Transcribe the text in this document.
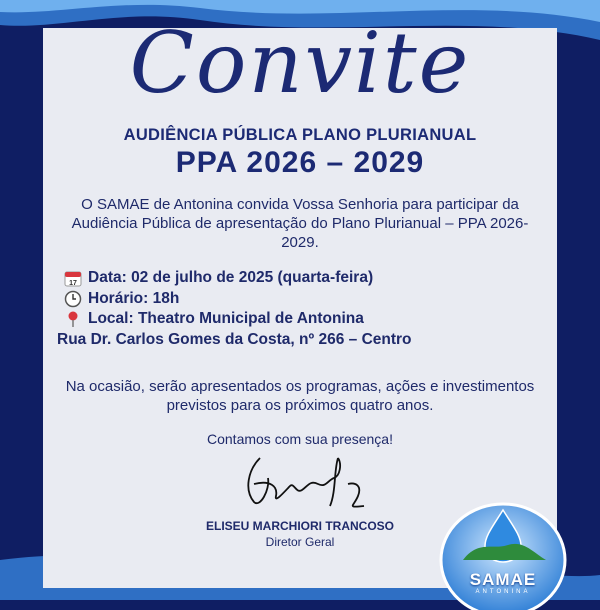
Convite
AUDIÊNCIA PÚBLICA PLANO PLURIANUAL
PPA 2026 – 2029
O SAMAE de Antonina convida Vossa Senhoria para participar da Audiência Pública de apresentação do Plano Plurianual – PPA 2026-2029.
17 Data: 02 de julho de 2025 (quarta-feira)
Horário: 18h
Local: Theatro Municipal de Antonina
Rua Dr. Carlos Gomes da Costa, nº 266 – Centro
Na ocasião, serão apresentados os programas, ações e investimentos previstos para os próximos quatro anos.
Contamos com sua presença!
ELISEU MARCHIORI TRANCOSO
Diretor Geral
SAMAE
ANTONINA
